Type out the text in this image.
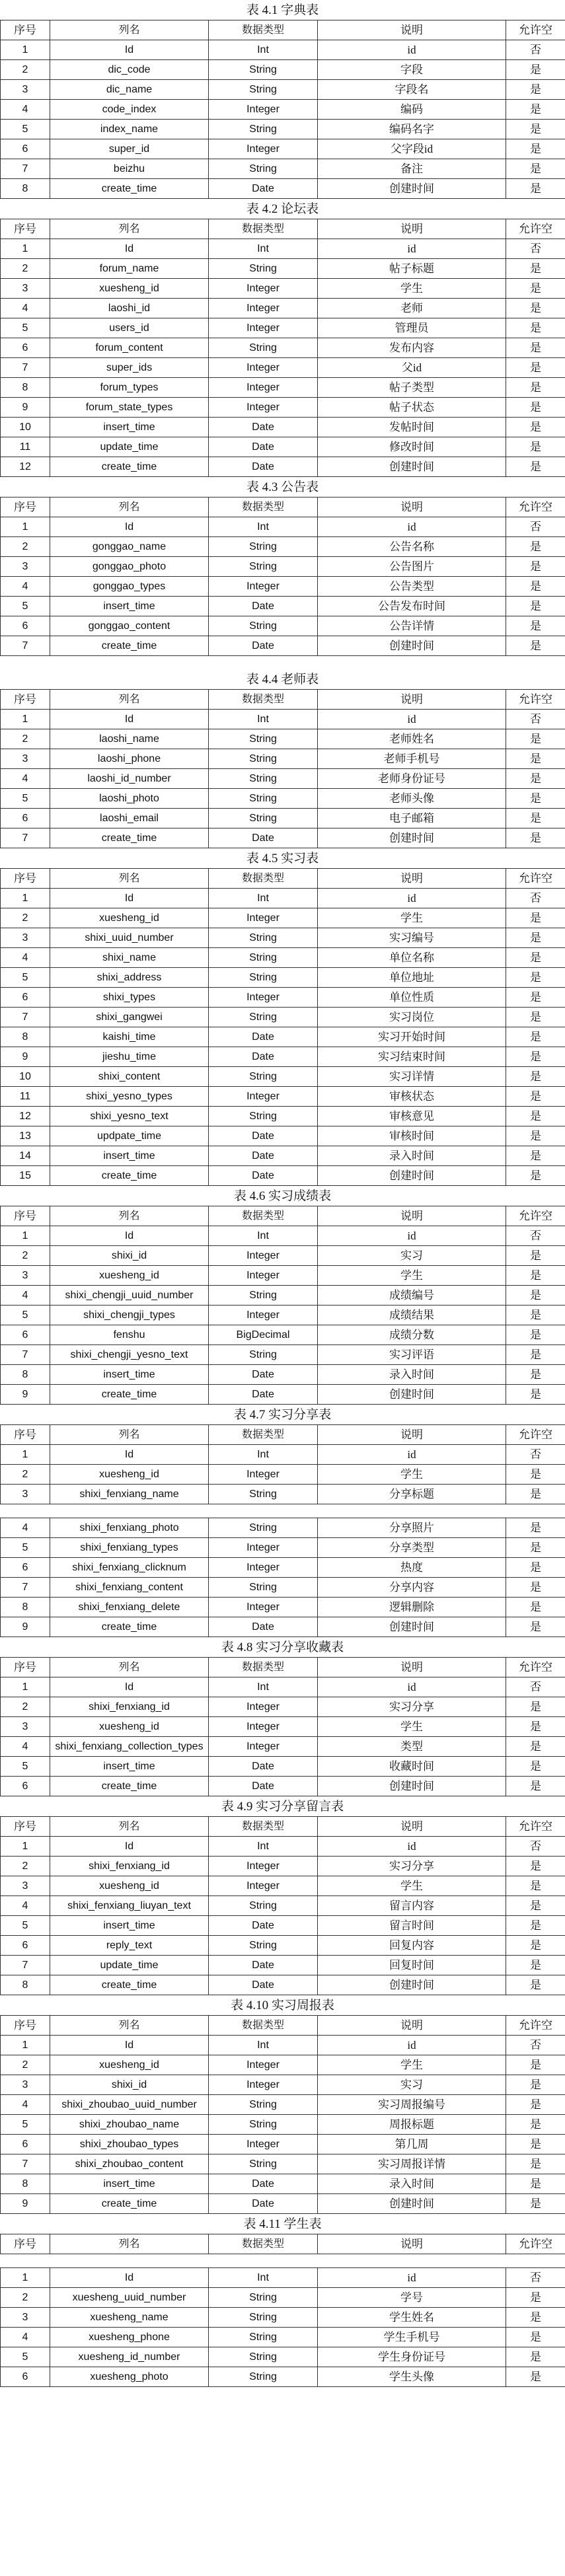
表 4.1 字典表
序号	列名	数据类型	说明	允许空
1	Id	Int	id	否
2	dic_code	String	字段	是
3	dic_name	String	字段名	是
4	code_index	Integer	编码	是
5	index_name	String	编码名字	是
6	super_id	Integer	父字段id	是
7	beizhu	String	备注	是
8	create_time	Date	创建时间	是
表 4.2 论坛表
序号	列名	数据类型	说明	允许空
1	Id	Int	id	否
2	forum_name	String	帖子标题	是
3	xuesheng_id	Integer	学生	是
4	laoshi_id	Integer	老师	是
5	users_id	Integer	管理员	是
6	forum_content	String	发布内容	是
7	super_ids	Integer	父id	是
8	forum_types	Integer	帖子类型	是
9	forum_state_types	Integer	帖子状态	是
10	insert_time	Date	发帖时间	是
11	update_time	Date	修改时间	是
12	create_time	Date	创建时间	是
表 4.3 公告表
序号	列名	数据类型	说明	允许空
1	Id	Int	id	否
2	gonggao_name	String	公告名称	是
3	gonggao_photo	String	公告图片	是
4	gonggao_types	Integer	公告类型	是
5	insert_time	Date	公告发布时间	是
6	gonggao_content	String	公告详情	是
7	create_time	Date	创建时间	是
表 4.4 老师表
序号	列名	数据类型	说明	允许空
1	Id	Int	id	否
2	laoshi_name	String	老师姓名	是
3	laoshi_phone	String	老师手机号	是
4	laoshi_id_number	String	老师身份证号	是
5	laoshi_photo	String	老师头像	是
6	laoshi_email	String	电子邮箱	是
7	create_time	Date	创建时间	是
表 4.5 实习表
序号	列名	数据类型	说明	允许空
1	Id	Int	id	否
2	xuesheng_id	Integer	学生	是
3	shixi_uuid_number	String	实习编号	是
4	shixi_name	String	单位名称	是
5	shixi_address	String	单位地址	是
6	shixi_types	Integer	单位性质	是
7	shixi_gangwei	String	实习岗位	是
8	kaishi_time	Date	实习开始时间	是
9	jieshu_time	Date	实习结束时间	是
10	shixi_content	String	实习详情	是
11	shixi_yesno_types	Integer	审核状态	是
12	shixi_yesno_text	String	审核意见	是
13	updpate_time	Date	审核时间	是
14	insert_time	Date	录入时间	是
15	create_time	Date	创建时间	是
表 4.6 实习成绩表
序号	列名	数据类型	说明	允许空
1	Id	Int	id	否
2	shixi_id	Integer	实习	是
3	xuesheng_id	Integer	学生	是
4	shixi_chengji_uuid_number	String	成绩编号	是
5	shixi_chengji_types	Integer	成绩结果	是
6	fenshu	BigDecimal	成绩分数	是
7	shixi_chengji_yesno_text	String	实习评语	是
8	insert_time	Date	录入时间	是
9	create_time	Date	创建时间	是
表 4.7 实习分享表
序号	列名	数据类型	说明	允许空
1	Id	Int	id	否
2	xuesheng_id	Integer	学生	是
3	shixi_fenxiang_name	String	分享标题	是
4	shixi_fenxiang_photo	String	分享照片	是
5	shixi_fenxiang_types	Integer	分享类型	是
6	shixi_fenxiang_clicknum	Integer	热度	是
7	shixi_fenxiang_content	String	分享内容	是
8	shixi_fenxiang_delete	Integer	逻辑删除	是
9	create_time	Date	创建时间	是
表 4.8 实习分享收藏表
序号	列名	数据类型	说明	允许空
1	Id	Int	id	否
2	shixi_fenxiang_id	Integer	实习分享	是
3	xuesheng_id	Integer	学生	是
4	shixi_fenxiang_collection_types	Integer	类型	是
5	insert_time	Date	收藏时间	是
6	create_time	Date	创建时间	是
表 4.9 实习分享留言表
序号	列名	数据类型	说明	允许空
1	Id	Int	id	否
2	shixi_fenxiang_id	Integer	实习分享	是
3	xuesheng_id	Integer	学生	是
4	shixi_fenxiang_liuyan_text	String	留言内容	是
5	insert_time	Date	留言时间	是
6	reply_text	String	回复内容	是
7	update_time	Date	回复时间	是
8	create_time	Date	创建时间	是
表 4.10 实习周报表
序号	列名	数据类型	说明	允许空
1	Id	Int	id	否
2	xuesheng_id	Integer	学生	是
3	shixi_id	Integer	实习	是
4	shixi_zhoubao_uuid_number	String	实习周报编号	是
5	shixi_zhoubao_name	String	周报标题	是
6	shixi_zhoubao_types	Integer	第几周	是
7	shixi_zhoubao_content	String	实习周报详情	是
8	insert_time	Date	录入时间	是
9	create_time	Date	创建时间	是
表 4.11 学生表
序号	列名	数据类型	说明	允许空
1	Id	Int	id	否
2	xuesheng_uuid_number	String	学号	是
3	xuesheng_name	String	学生姓名	是
4	xuesheng_phone	String	学生手机号	是
5	xuesheng_id_number	String	学生身份证号	是
6	xuesheng_photo	String	学生头像	是
